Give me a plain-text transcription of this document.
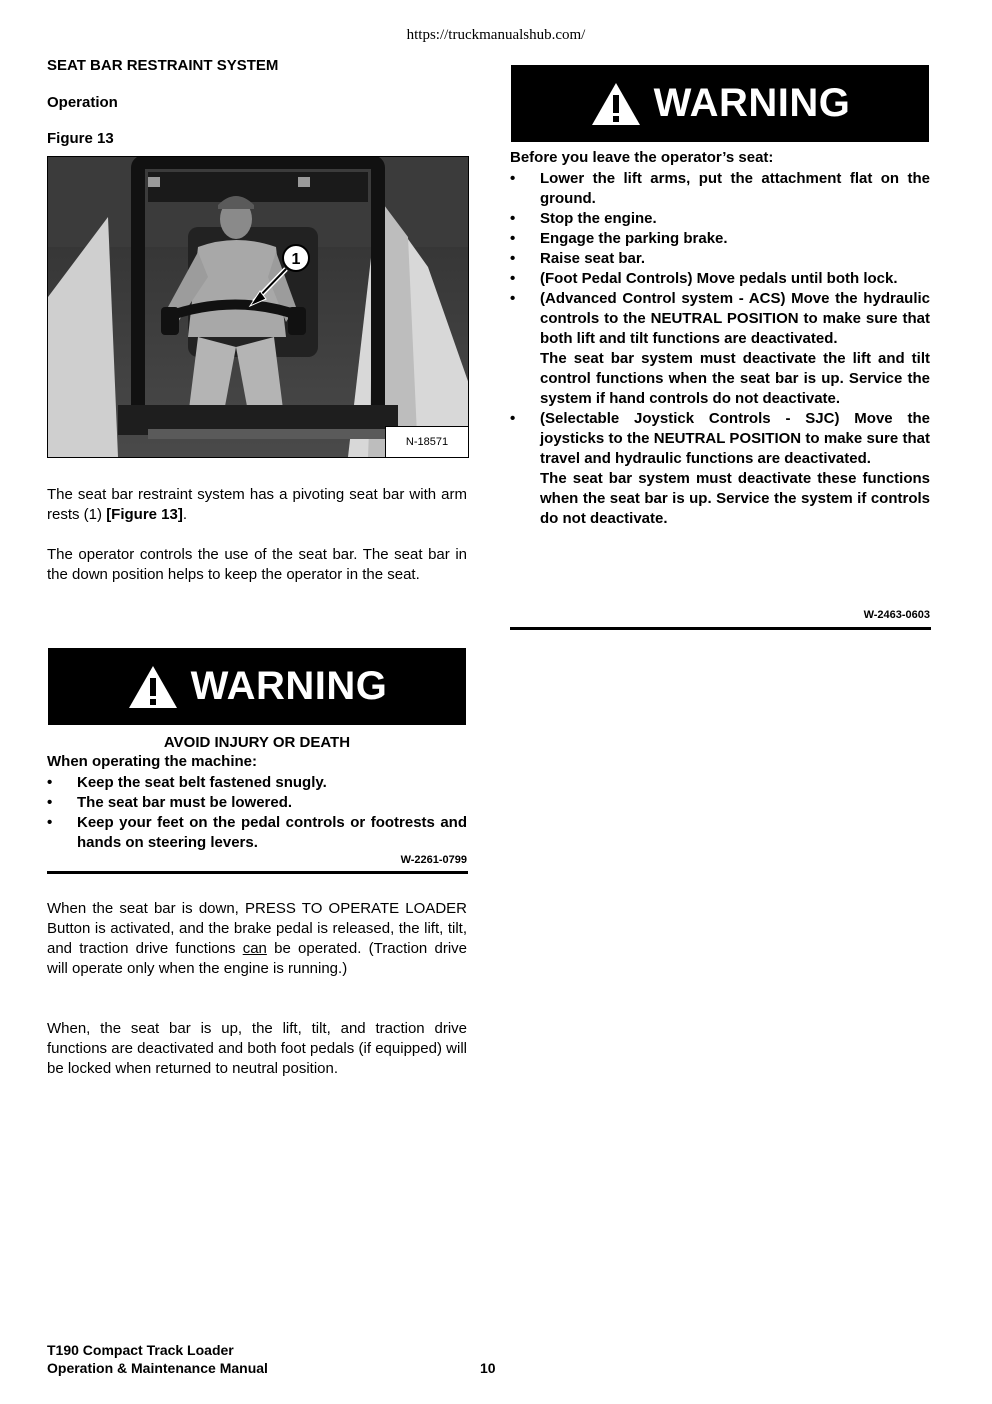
https://truckmanualshub.com/
SEAT BAR RESTRAINT SYSTEM
Operation
Figure 13
1
N-18571
The seat bar restraint system has a pivoting seat bar with arm rests (1) [Figure 13].
The operator controls the use of the seat bar. The seat bar in the down position helps to keep the operator in the seat.
WARNING
AVOID INJURY OR DEATH
When operating the machine:
• Keep the seat belt fastened snugly.
• The seat bar must be lowered.
• Keep your feet on the pedal controls or footrests and hands on steering levers.
W-2261-0799
When the seat bar is down, PRESS TO OPERATE LOADER Button is activated, and the brake pedal is released, the lift, tilt, and traction drive functions can be operated. (Traction drive will operate only when the engine is running.)
When, the seat bar is up, the lift, tilt, and traction drive functions are deactivated and both foot pedals (if equipped) will be locked when returned to neutral position.
WARNING
Before you leave the operator’s seat:
• Lower the lift arms, put the attachment flat on the ground.
• Stop the engine.
• Engage the parking brake.
• Raise seat bar.
• (Foot Pedal Controls) Move pedals until both lock.
• (Advanced Control system - ACS) Move the hydraulic controls to the NEUTRAL POSITION to make sure that both lift and tilt functions are deactivated.
The seat bar system must deactivate the lift and tilt control functions when the seat bar is up. Service the system if hand controls do not deactivate.
• (Selectable Joystick Controls - SJC) Move the joysticks to the NEUTRAL POSITION to make sure that travel and hydraulic functions are deactivated.
The seat bar system must deactivate these functions when the seat bar is up. Service the system if controls do not deactivate.
W-2463-0603
T190 Compact Track Loader
Operation & Maintenance Manual	10
